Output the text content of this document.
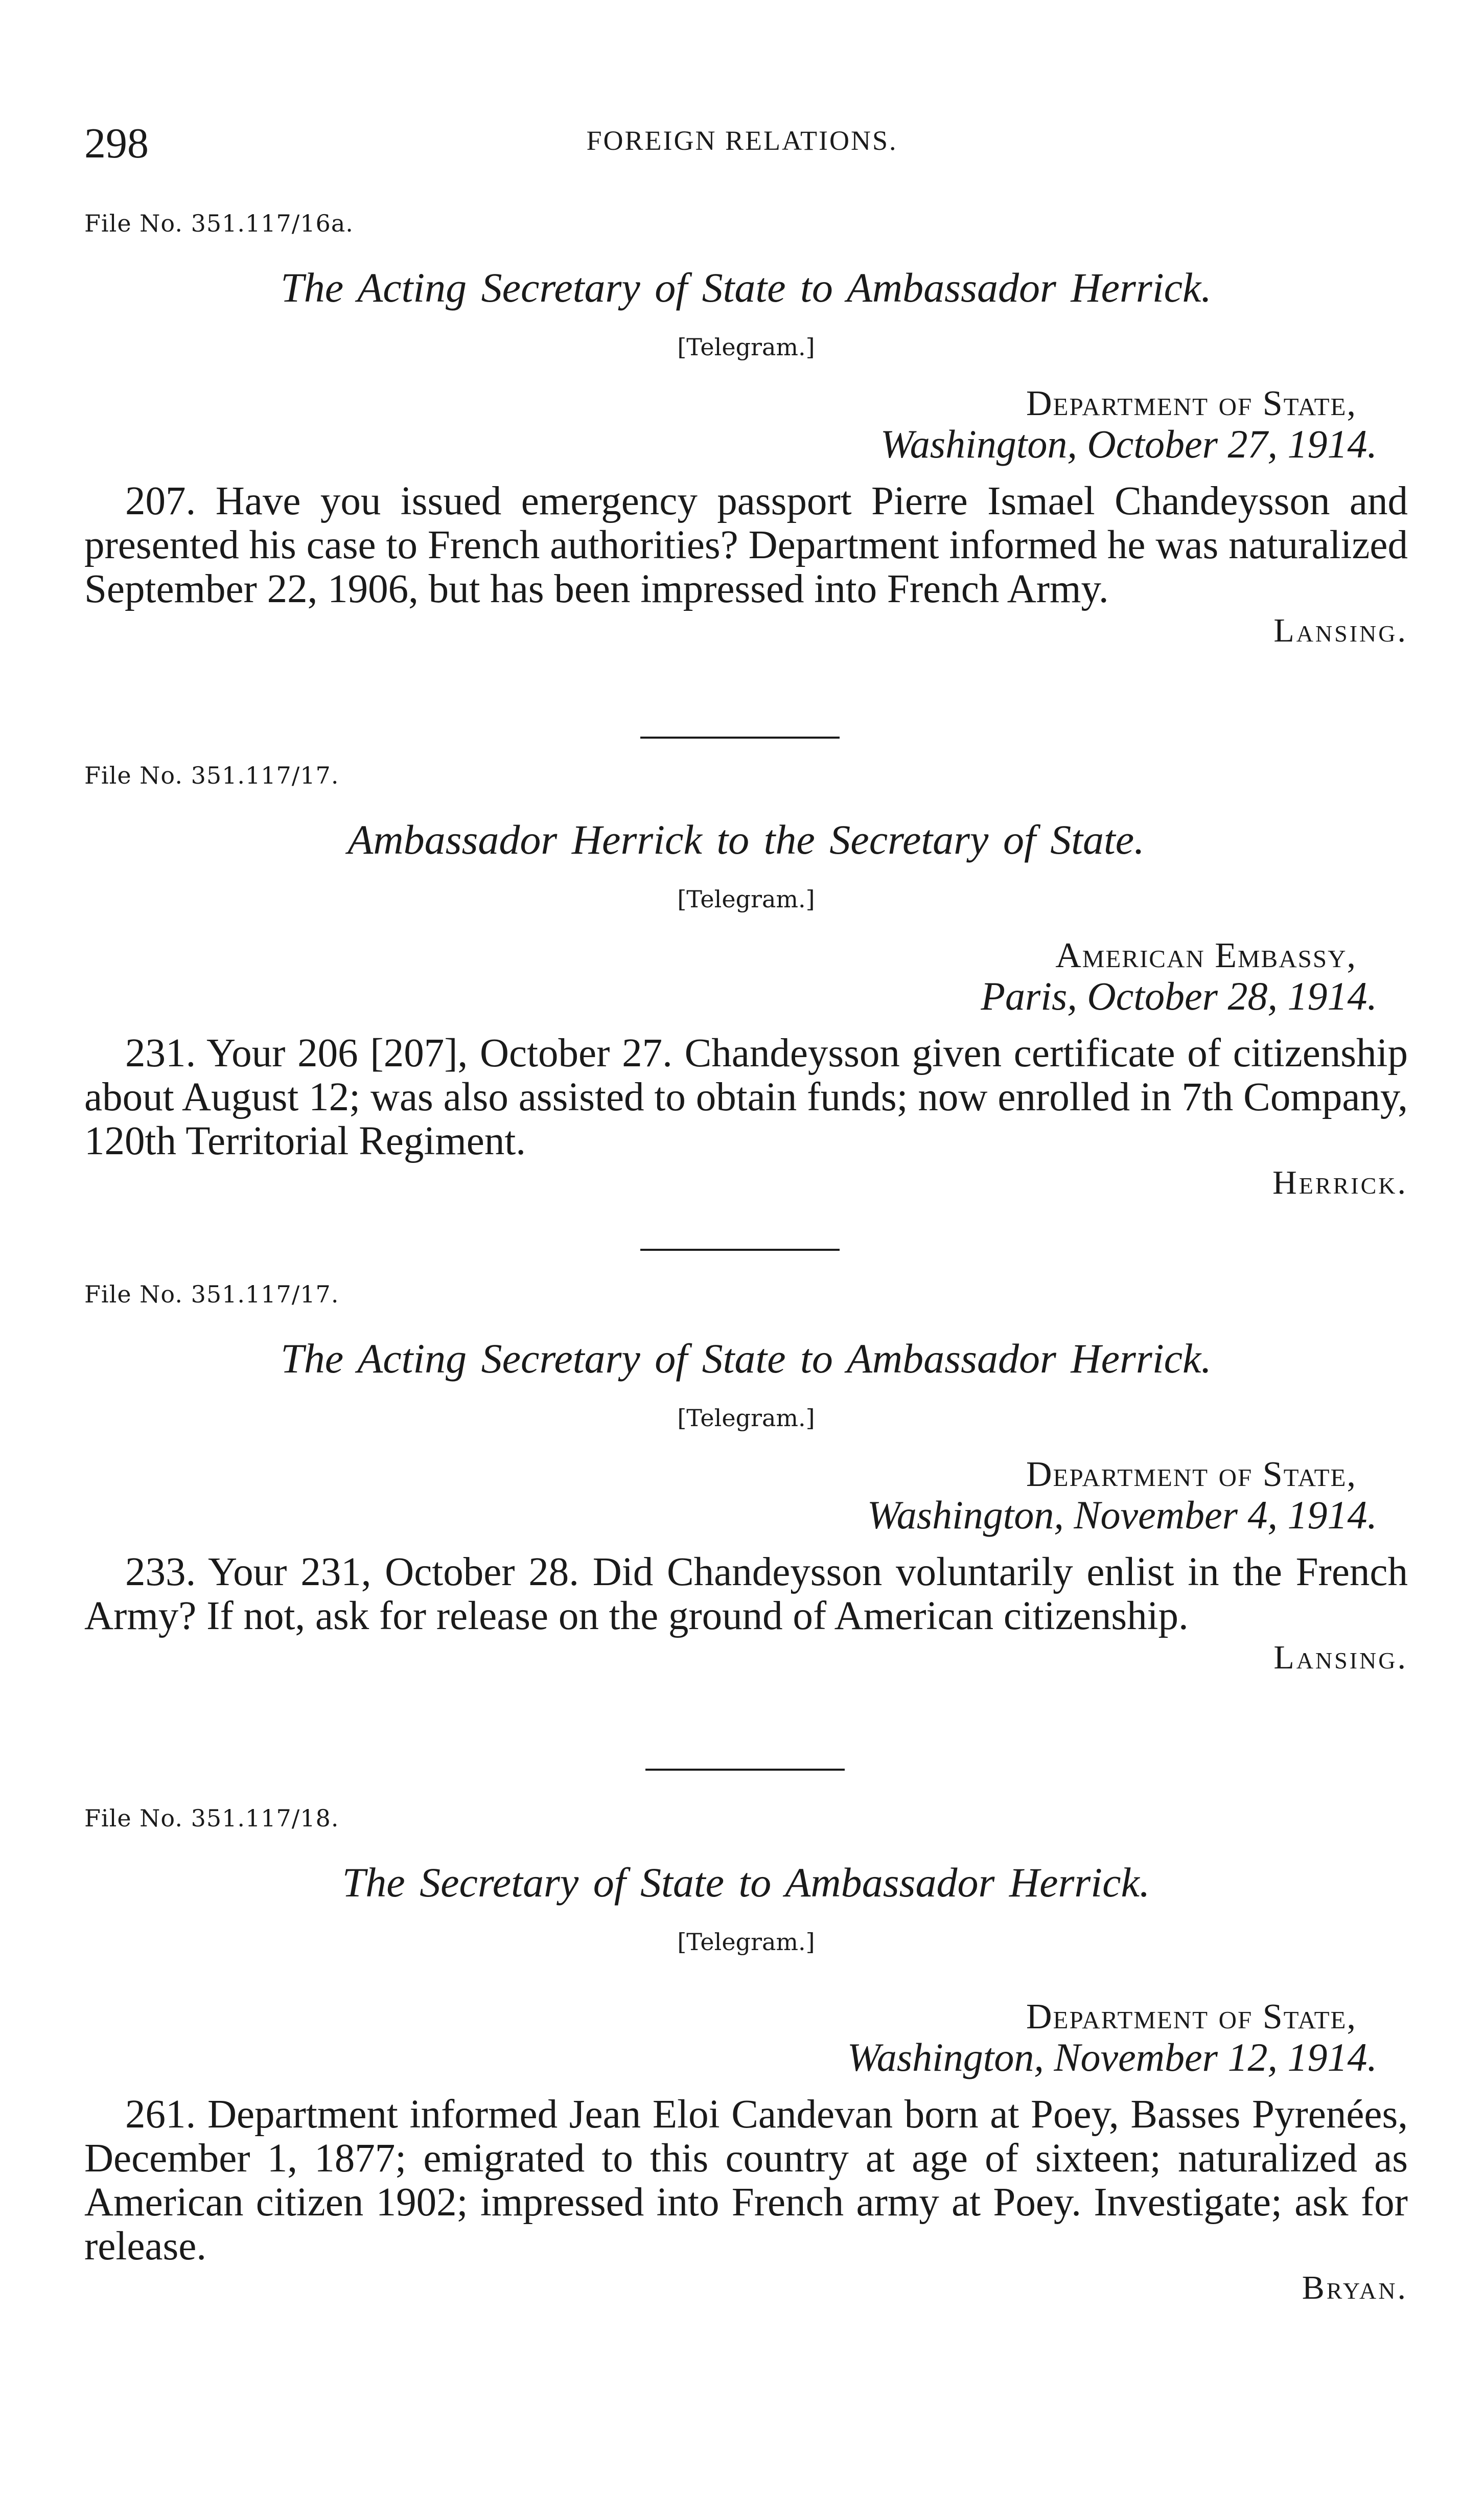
298	FOREIGN RELATIONS.

File No. 351.117/16a.

The Acting Secretary of State to Ambassador Herrick.

[Telegram.]

Department of State,

Washington, October 27, 1914.

207. Have you issued emergency passport Pierre Ismael Chandeysson and presented his case to French authorities? Department informed he was naturalized September 22, 1906, but has been impressed into French Army.

Lansing.

File No. 351.117/17.

Ambassador Herrick to the Secretary of State.

[Telegram.]

American Embassy,

Paris, October 28, 1914.

231. Your 206 [207], October 27. Chandeysson given certificate of citizenship about August 12; was also assisted to obtain funds; now enrolled in 7th Company, 120th Territorial Regiment.

Herrick.

File No. 351.117/17.

The Acting Secretary of State to Ambassador Herrick.

[Telegram.]

Department of State,

Washington, November 4, 1914.

233. Your 231, October 28. Did Chandeysson voluntarily enlist in the French Army? If not, ask for release on the ground of American citizenship.

Lansing.

File No. 351.117/18.

The Secretary of State to Ambassador Herrick.

[Telegram.]

Department of State,

Washington, November 12, 1914.

261. Department informed Jean Eloi Candevan born at Poey, Basses Pyrenées, December 1, 1877; emigrated to this country at age of sixteen; naturalized as American citizen 1902; impressed into French army at Poey. Investigate; ask for release.

Bryan.
